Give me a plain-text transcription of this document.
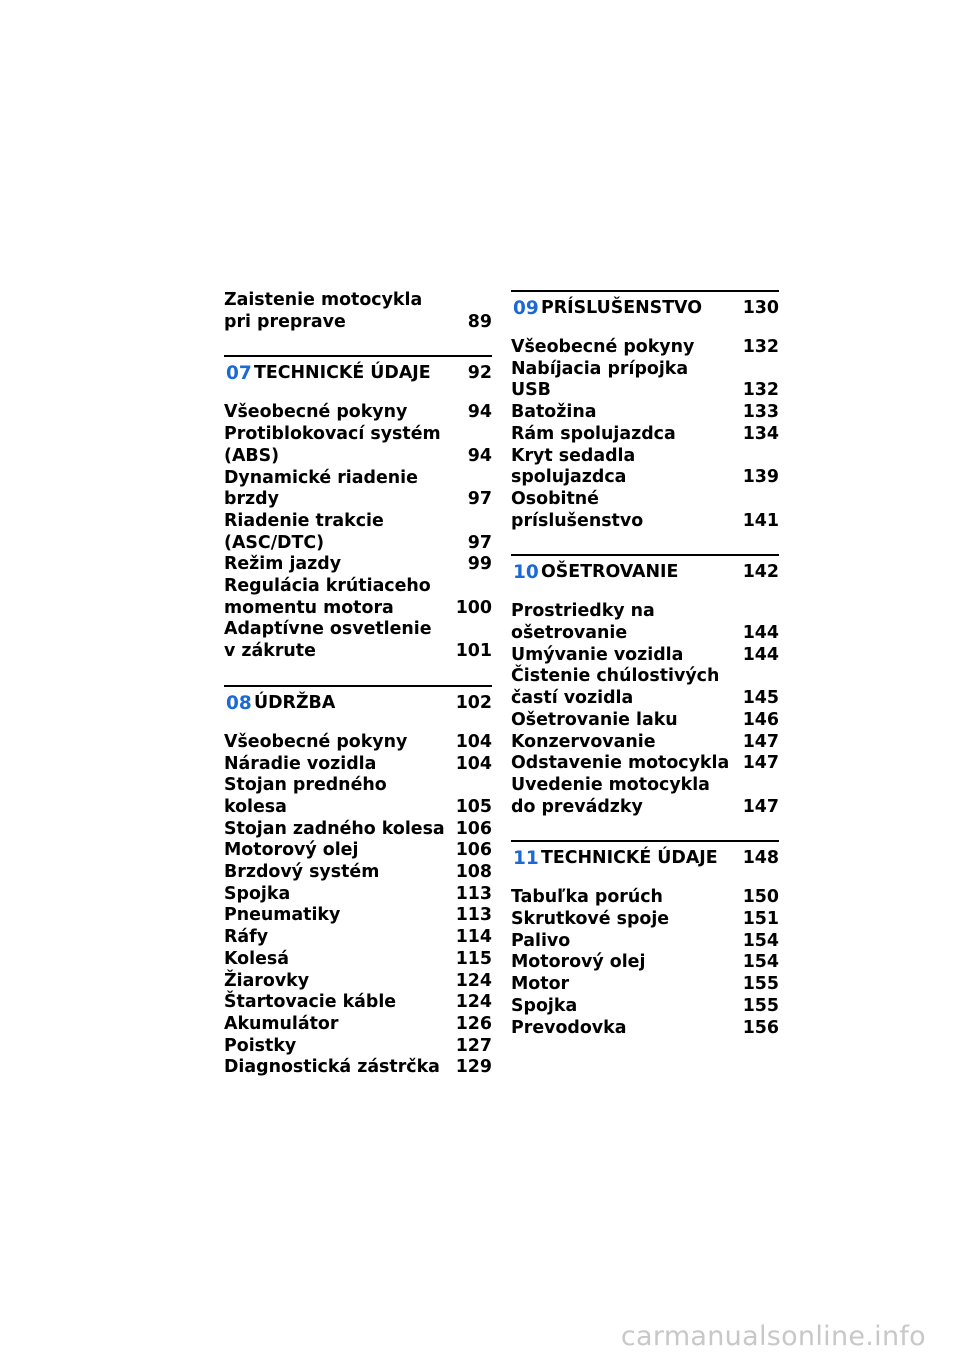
Zaistenie motocykla pri preprave	89
07 TECHNICKÉ ÚDAJE	92
Všeobecné pokyny	94
Protiblokovací systém (ABS)	94
Dynamické riadenie brzdy	97
Riadenie trakcie (ASC/DTC)	97
Režim jazdy	99
Regulácia krútiaceho momentu motora	100
Adaptívne osvetlenie v zákrute	101
08 ÚDRŽBA	102
Všeobecné pokyny	104
Náradie vozidla	104
Stojan predného kolesa	105
Stojan zadného kolesa 106
Motorový olej	106
Brzdový systém	108
Spojka	113
Pneumatiky	113
Ráfy	114
Kolesá	115
Žiarovky	124
Štartovacie káble	124
Akumulátor	126
Poistky	127
Diagnostická zástrčka 129
09 PRÍSLUŠENSTVO	130
Všeobecné pokyny	132
Nabíjacia prípojka USB	132
Batožina	133
Rám spolujazdca	134
Kryt sedadla spolujazdca	139
Osobitné príslušenstvo	141
10 OŠETROVANIE	142
Prostriedky na ošetrovanie	144
Umývanie vozidla	144
Čistenie chúlostivých častí vozidla	145
Ošetrovanie laku	146
Konzervovanie	147
Odstavenie motocykla 147
Uvedenie motocykla do prevádzky	147
11 TECHNICKÉ ÚDAJE	148
Tabuľka porúch	150
Skrutkové spoje	151
Palivo	154
Motorový olej	154
Motor	155
Spojka	155
Prevodovka	156
carmanualsonline.info
